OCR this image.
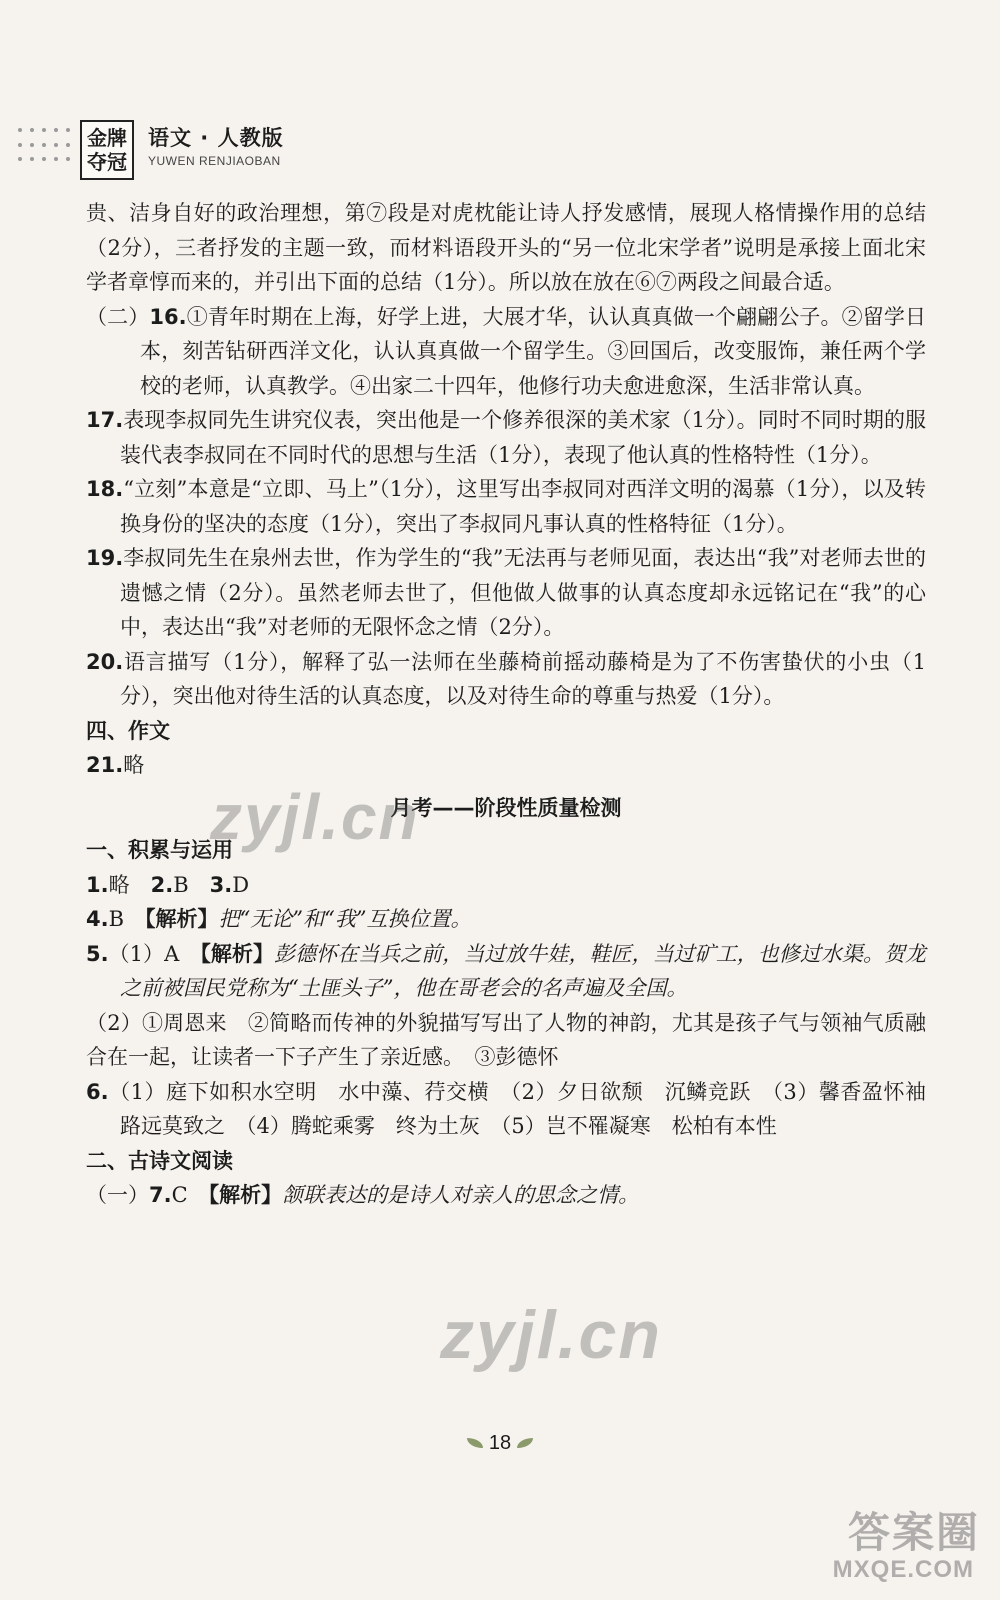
金牌
夺冠
语文 · 人教版
YUWEN RENJIAOBAN

贵、洁身自好的政治理想，第⑦段是对虎枕能让诗人抒发感情，展现人格情操作用的总结（2分），三者抒发的主题一致，而材料语段开头的“另一位北宋学者”说明是承接上面北宋学者章惇而来的，并引出下面的总结（1分）。所以放在放在⑥⑦两段之间最合适。

（二）16.①青年时期在上海，好学上进，大展才华，认认真真做一个翩翩公子。②留学日本，刻苦钻研西洋文化，认认真真做一个留学生。③回国后，改变服饰，兼任两个学校的老师，认真教学。④出家二十四年，他修行功夫愈进愈深，生活非常认真。

17.表现李叔同先生讲究仪表，突出他是一个修养很深的美术家（1分）。同时不同时期的服装代表李叔同在不同时代的思想与生活（1分），表现了他认真的性格特性（1分）。

18.“立刻”本意是“立即、马上”（1分），这里写出李叔同对西洋文明的渴慕（1分），以及转换身份的坚决的态度（1分），突出了李叔同凡事认真的性格特征（1分）。

19.李叔同先生在泉州去世，作为学生的“我”无法再与老师见面，表达出“我”对老师去世的遗憾之情（2分）。虽然老师去世了，但他做人做事的认真态度却永远铭记在“我”的心中，表达出“我”对老师的无限怀念之情（2分）。

20.语言描写（1分），解释了弘一法师在坐藤椅前摇动藤椅是为了不伤害蛰伏的小虫（1分），突出他对待生活的认真态度，以及对待生命的尊重与热爱（1分）。

四、作文

21.略

月考——阶段性质量检测

一、积累与运用

1.略　 2.B　 3.D

4.B　 【解析】把“无论”和“我”互换位置。

5.（1）A　 【解析】彭德怀在当兵之前，当过放牛娃，鞋匠，当过矿工，也修过水渠。贺龙之前被国民党称为“土匪头子”，他在哥老会的名声遍及全国。

（2）①周恩来　②简略而传神的外貌描写写出了人物的神韵，尤其是孩子气与领袖气质融合在一起，让读者一下子产生了亲近感。　③彭德怀

6.（1）庭下如积水空明　水中藻、荇交横　（2）夕日欲颓　沉鳞竞跃　（3）馨香盈怀袖　路远莫致之　（4）腾蛇乘雾　终为土灰　（5）岂不罹凝寒　松柏有本性

二、古诗文阅读

（一）7.C　 【解析】颔联表达的是诗人对亲人的思念之情。

zyjl.cn
zyjl.cn
18
答案圈
MXQE.COM
